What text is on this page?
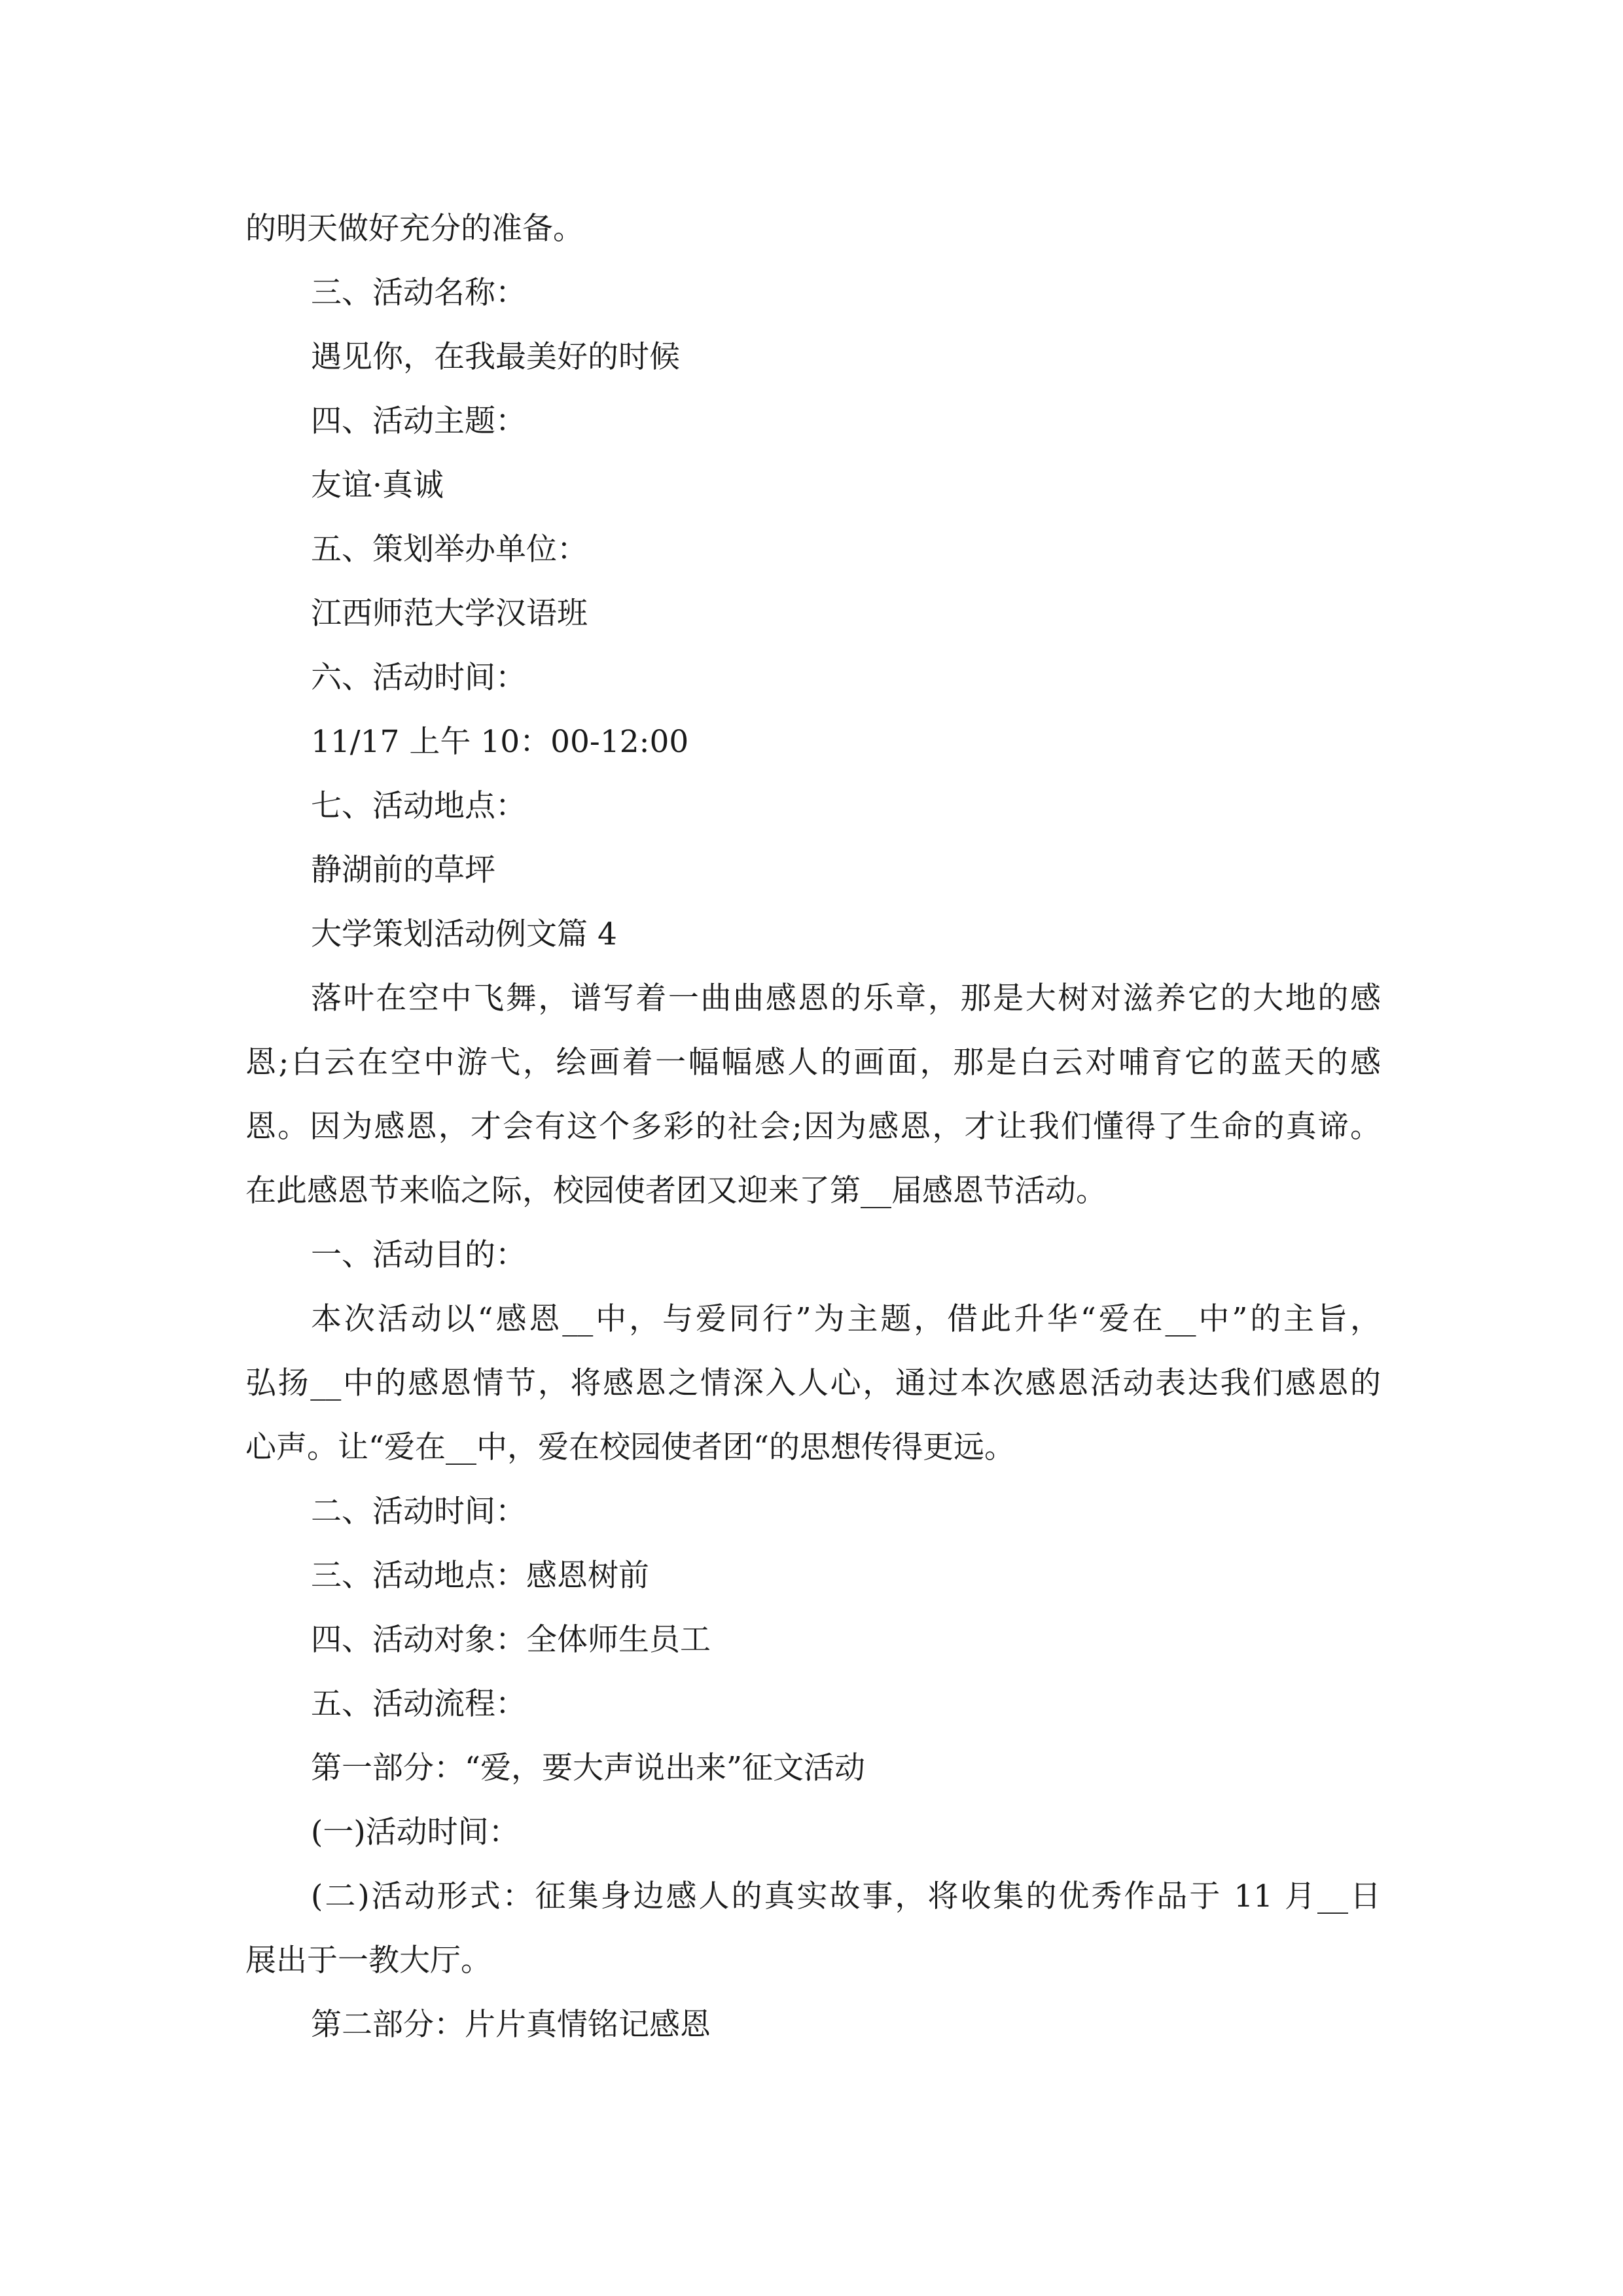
的明天做好充分的准备。
三、活动名称：
遇见你，在我最美好的时候
四、活动主题：
友谊·真诚
五、策划举办单位：
江西师范大学汉语班
六、活动时间：
11/17 上午 10：00-12:00
七、活动地点：
静湖前的草坪
大学策划活动例文篇 4
落叶在空中飞舞，谱写着一曲曲感恩的乐章，那是大树对滋养它的大地的感
恩;白云在空中游弋，绘画着一幅幅感人的画面，那是白云对哺育它的蓝天的感
恩。因为感恩，才会有这个多彩的社会;因为感恩，才让我们懂得了生命的真谛。
在此感恩节来临之际，校园使者团又迎来了第__届感恩节活动。
一、活动目的：
本次活动以“感恩__中，与爱同行”为主题，借此升华“爱在__中”的主旨，
弘扬__中的感恩情节，将感恩之情深入人心，通过本次感恩活动表达我们感恩的
心声。让“爱在__中，爱在校园使者团“的思想传得更远。
二、活动时间：
三、活动地点：感恩树前
四、活动对象：全体师生员工
五、活动流程：
第一部分：“爱，要大声说出来”征文活动
(一)活动时间：
(二)活动形式：征集身边感人的真实故事，将收集的优秀作品于 11 月__日
展出于一教大厅。
第二部分：片片真情铭记感恩
